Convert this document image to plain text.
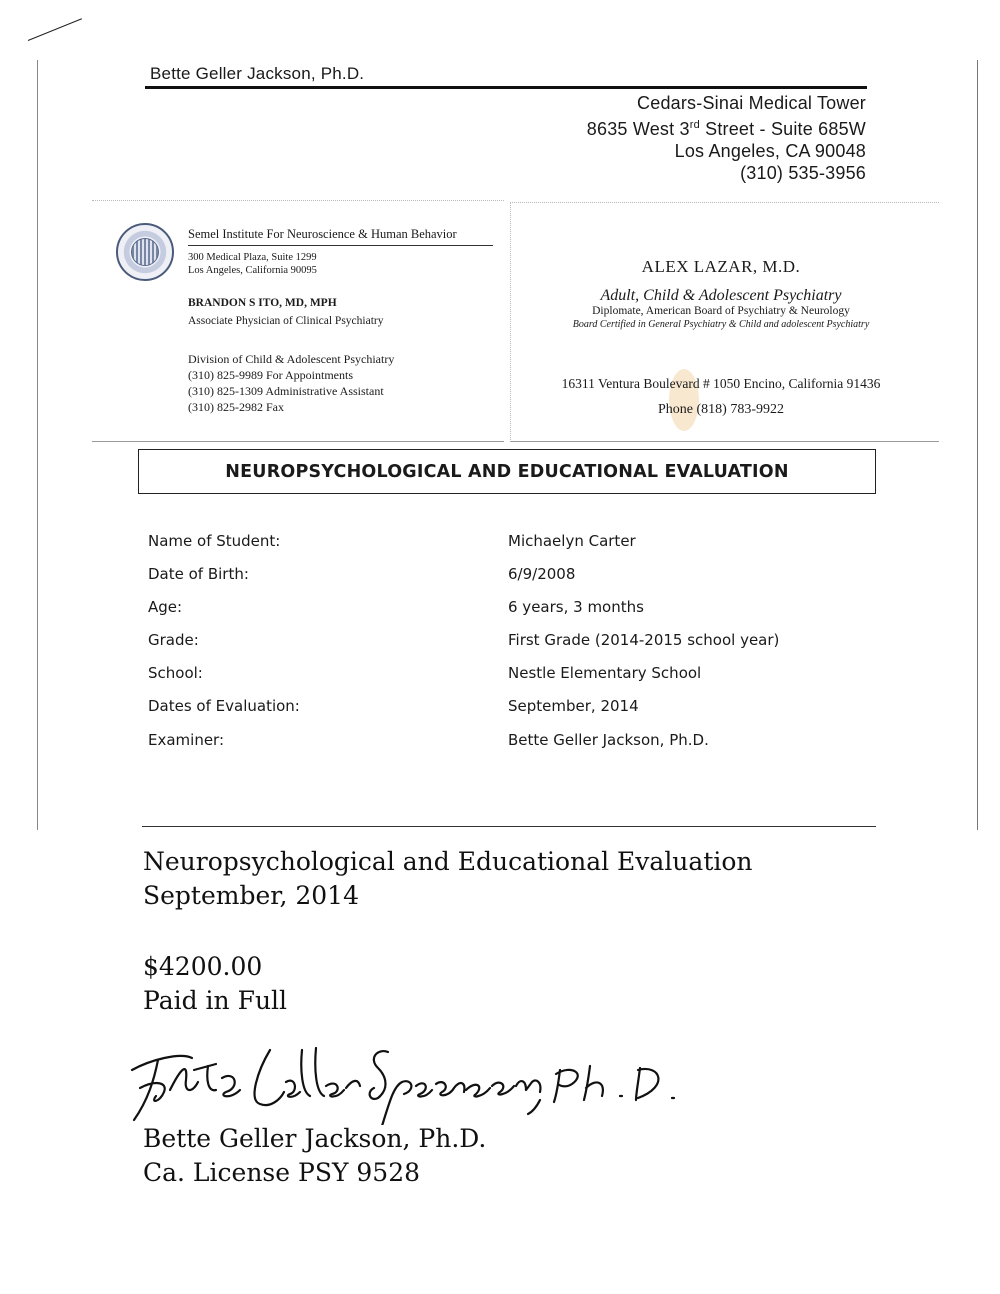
Bette Geller Jackson, Ph.D.
Cedars-Sinai Medical Tower
8635 West 3rd Street - Suite 685W
Los Angeles, CA 90048
(310) 535-3956
Semel Institute For Neuroscience & Human Behavior
300 Medical Plaza, Suite 1299
Los Angeles, California 90095
BRANDON S ITO, MD, MPH
Associate Physician of Clinical Psychiatry
Division of Child & Adolescent Psychiatry
(310) 825-9989 For Appointments
(310) 825-1309 Administrative Assistant
(310) 825-2982 Fax
ALEX LAZAR, M.D.
Adult, Child & Adolescent Psychiatry
Diplomate, American Board of Psychiatry & Neurology
Board Certified in General Psychiatry & Child and adolescent Psychiatry
16311 Ventura Boulevard # 1050 Encino, California 91436
Phone (818) 783-9922
NEUROPSYCHOLOGICAL AND EDUCATIONAL EVALUATION
Name of Student:	Michaelyn Carter
Date of Birth:	6/9/2008
Age:	6 years, 3 months
Grade:	First Grade (2014-2015 school year)
School:	Nestle Elementary School
Dates of Evaluation:	September, 2014
Examiner:	Bette Geller Jackson, Ph.D.
Neuropsychological and Educational Evaluation
September, 2014
$4200.00
Paid in Full
Bette Geller Jackson, Ph.D.
Ca. License PSY 9528
